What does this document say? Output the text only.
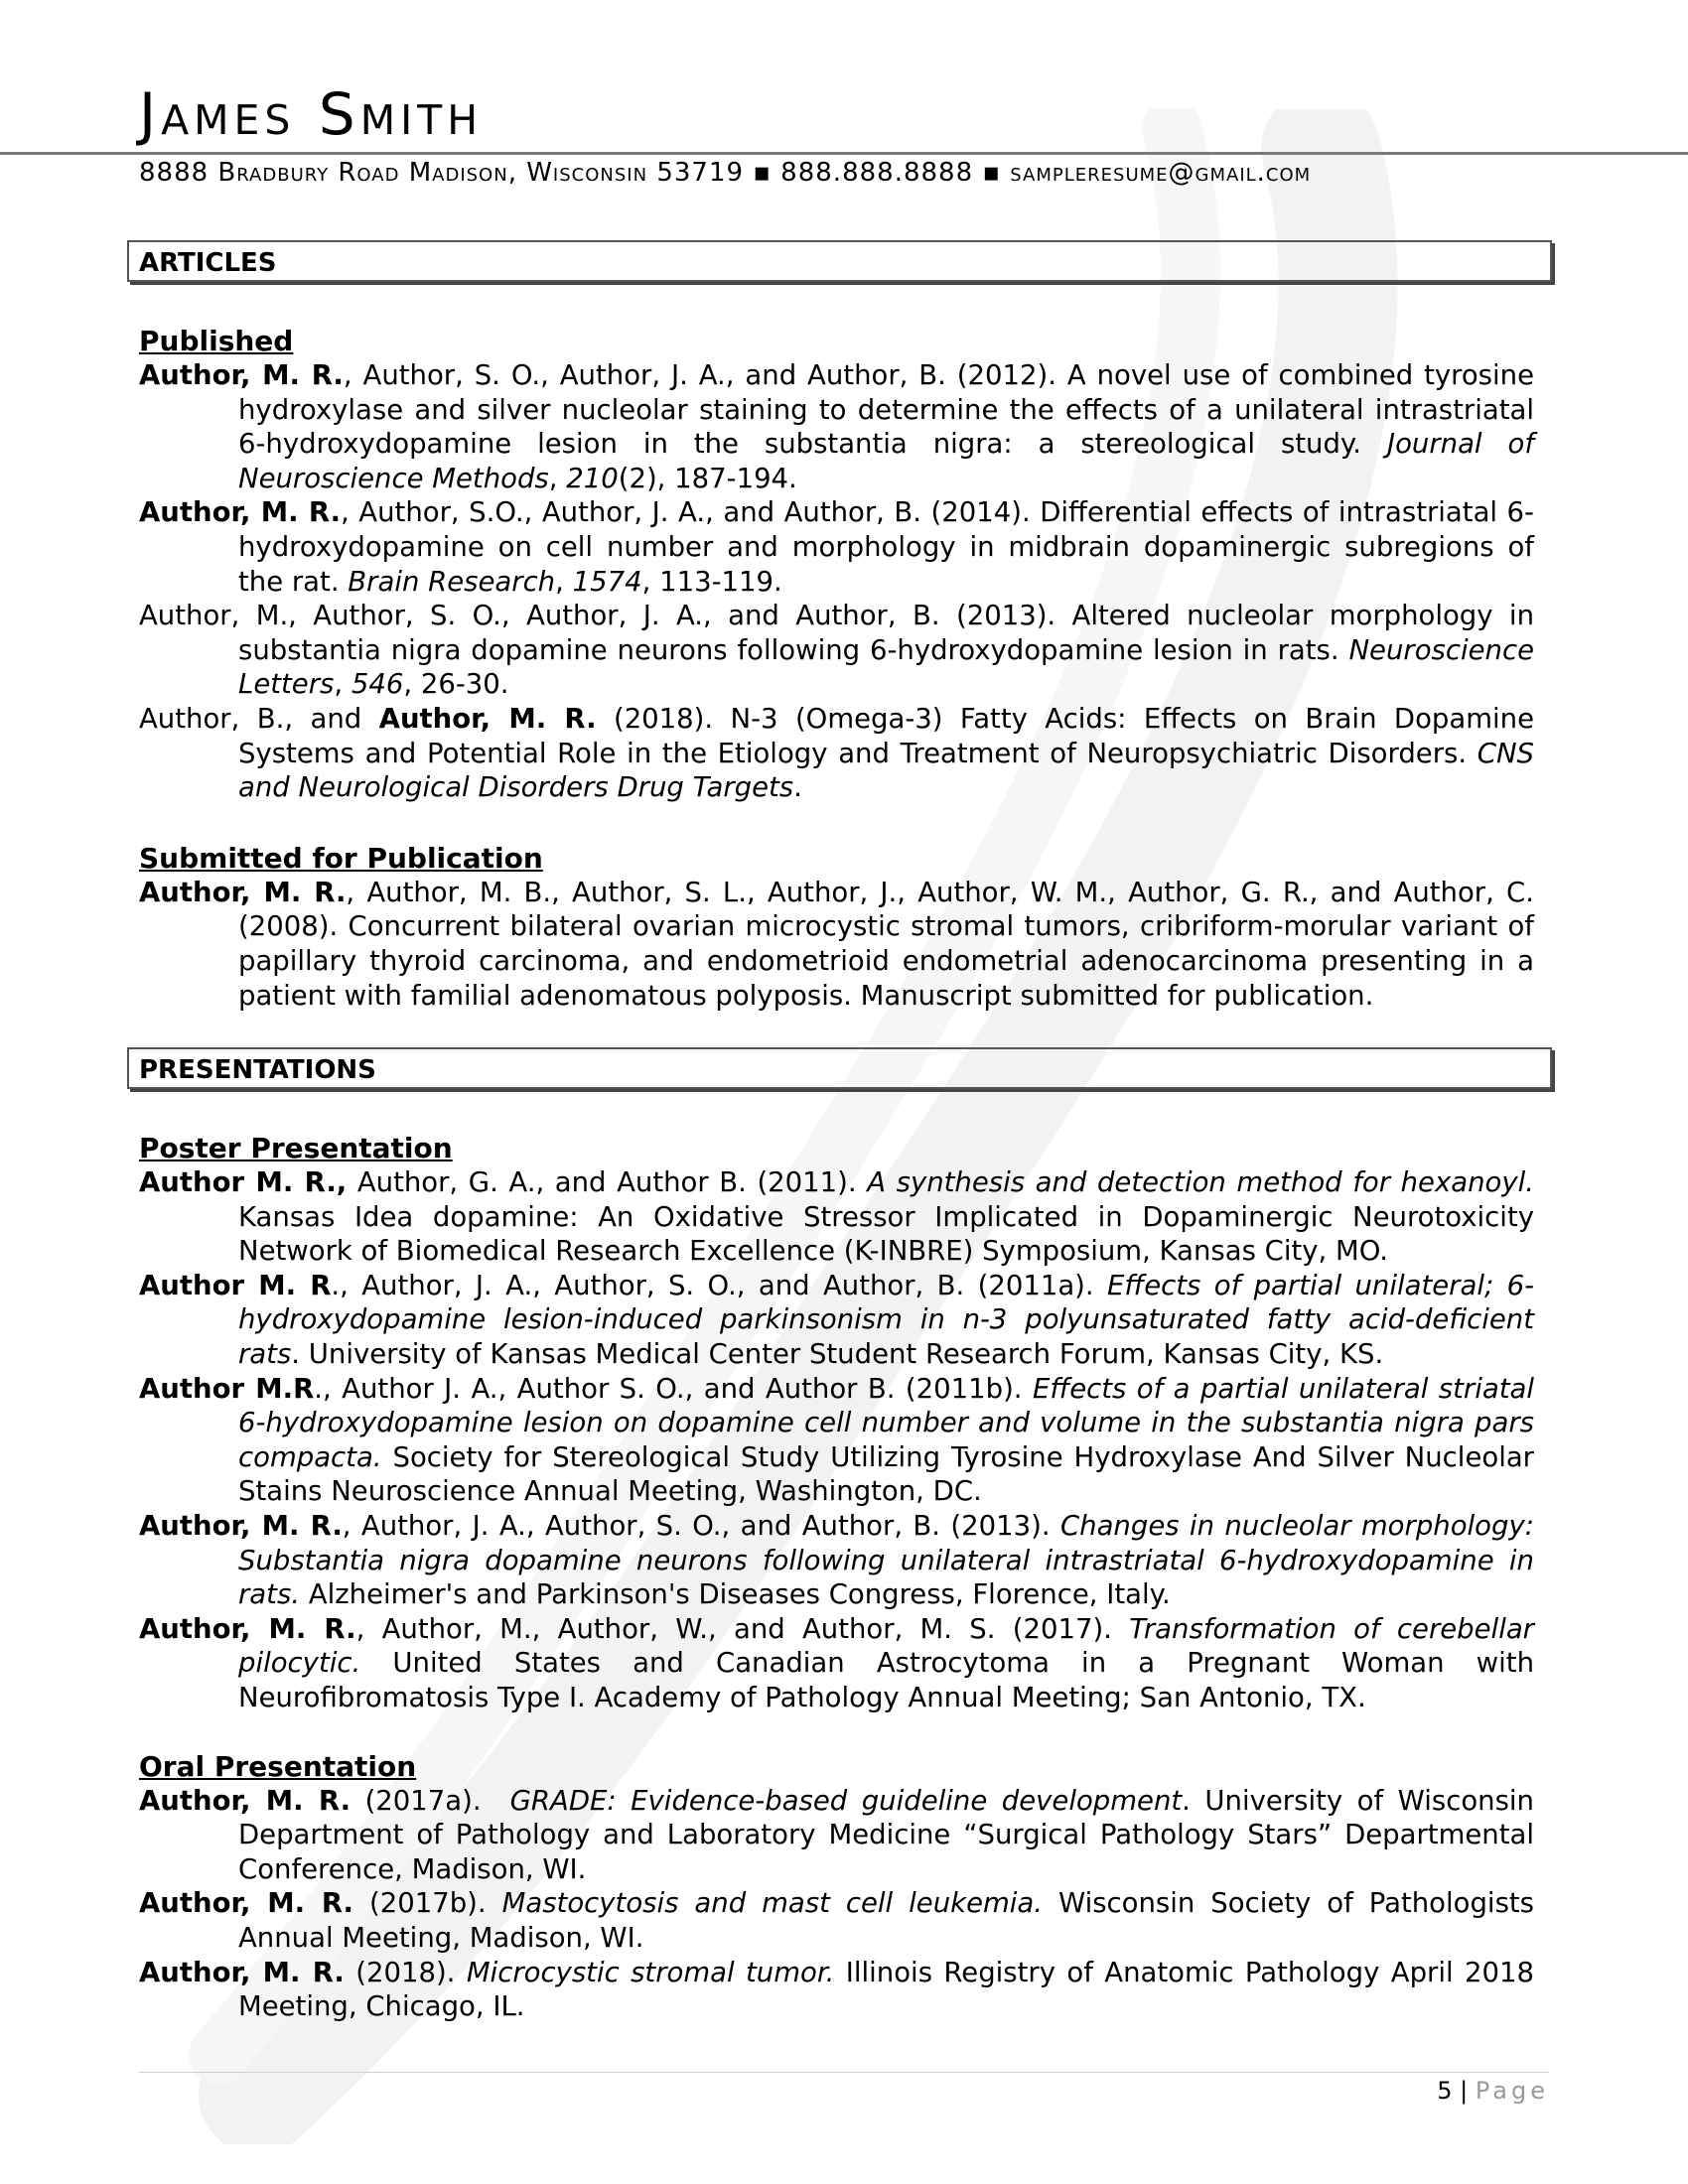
James Smith
8888 Bradbury Road Madison, Wisconsin 53719 ▪ 888.888.8888 ▪ sampleresume@gmail.com
ARTICLES
Published
Author, M. R., Author, S. O., Author, J. A., and Author, B. (2012). A novel use of combined tyrosine hydroxylase and silver nucleolar staining to determine the effects of a unilateral intrastriatal 6-hydroxydopamine lesion in the substantia nigra: a stereological study. Journal of Neuroscience Methods, 210(2), 187-194.
Author, M. R., Author, S.O., Author, J. A., and Author, B. (2014). Differential effects of intrastriatal 6-hydroxydopamine on cell number and morphology in midbrain dopaminergic subregions of the rat. Brain Research, 1574, 113-119.
Author, M., Author, S. O., Author, J. A., and Author, B. (2013). Altered nucleolar morphology in substantia nigra dopamine neurons following 6-hydroxydopamine lesion in rats. Neuroscience Letters, 546, 26-30.
Author, B., and Author, M. R. (2018). N-3 (Omega-3) Fatty Acids: Effects on Brain Dopamine Systems and Potential Role in the Etiology and Treatment of Neuropsychiatric Disorders. CNS and Neurological Disorders Drug Targets.
Submitted for Publication
Author, M. R., Author, M. B., Author, S. L., Author, J., Author, W. M., Author, G. R., and Author, C. (2008). Concurrent bilateral ovarian microcystic stromal tumors, cribriform-morular variant of papillary thyroid carcinoma, and endometrioid endometrial adenocarcinoma presenting in a patient with familial adenomatous polyposis. Manuscript submitted for publication.
PRESENTATIONS
Poster Presentation
Author M. R., Author, G. A., and Author B. (2011). A synthesis and detection method for hexanoyl. Kansas Idea dopamine: An Oxidative Stressor Implicated in Dopaminergic Neurotoxicity Network of Biomedical Research Excellence (K-INBRE) Symposium, Kansas City, MO.
Author M. R., Author, J. A., Author, S. O., and Author, B. (2011a). Effects of partial unilateral; 6-hydroxydopamine lesion-induced parkinsonism in n-3 polyunsaturated fatty acid-deficient rats. University of Kansas Medical Center Student Research Forum, Kansas City, KS.
Author M.R., Author J. A., Author S. O., and Author B. (2011b). Effects of a partial unilateral striatal 6-hydroxydopamine lesion on dopamine cell number and volume in the substantia nigra pars compacta. Society for Stereological Study Utilizing Tyrosine Hydroxylase And Silver Nucleolar Stains Neuroscience Annual Meeting, Washington, DC.
Author, M. R., Author, J. A., Author, S. O., and Author, B. (2013). Changes in nucleolar morphology: Substantia nigra dopamine neurons following unilateral intrastriatal 6-hydroxydopamine in rats. Alzheimer's and Parkinson's Diseases Congress, Florence, Italy.
Author, M. R., Author, M., Author, W., and Author, M. S. (2017). Transformation of cerebellar pilocytic. United States and Canadian Astrocytoma in a Pregnant Woman with Neurofibromatosis Type I. Academy of Pathology Annual Meeting; San Antonio, TX.
Oral Presentation
Author, M. R. (2017a).  GRADE: Evidence-based guideline development. University of Wisconsin Department of Pathology and Laboratory Medicine “Surgical Pathology Stars” Departmental Conference, Madison, WI.
Author, M. R. (2017b). Mastocytosis and mast cell leukemia. Wisconsin Society of Pathologists Annual Meeting, Madison, WI.
Author, M. R. (2018). Microcystic stromal tumor. Illinois Registry of Anatomic Pathology April 2018 Meeting, Chicago, IL.
5 | Page
